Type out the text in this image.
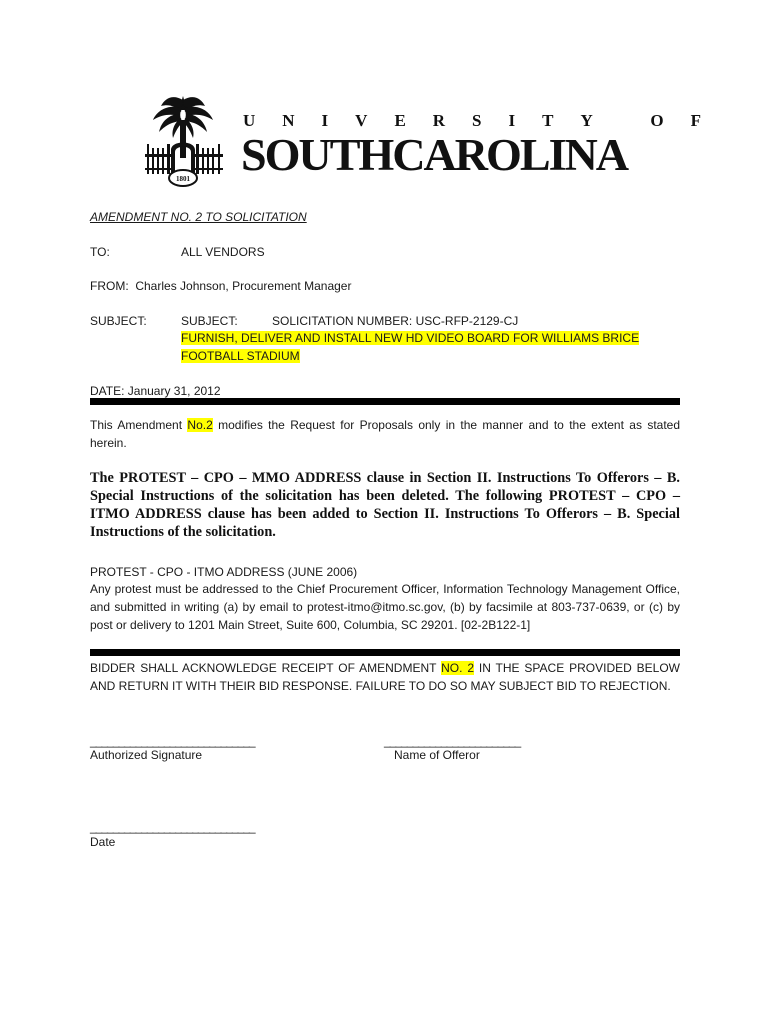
UNIVERSITY OF
SOUTHCAROLINA
1801
AMENDMENT NO. 2 TO SOLICITATION
TO:	ALL VENDORS
FROM: Charles Johnson, Procurement Manager
SUBJECT:	SUBJECT:	SOLICITATION NUMBER: USC-RFP-2129-CJ
FURNISH, DELIVER AND INSTALL NEW HD VIDEO BOARD FOR WILLIAMS BRICE
FOOTBALL STADIUM
DATE: January 31, 2012
This Amendment No.2 modifies the Request for Proposals only in the manner and to the extent as stated herein.
The PROTEST – CPO – MMO ADDRESS clause in Section II. Instructions To Offerors – B. Special Instructions of the solicitation has been deleted. The following PROTEST – CPO – ITMO ADDRESS clause has been added to Section II. Instructions To Offerors – B. Special Instructions of the solicitation.
PROTEST - CPO - ITMO ADDRESS (JUNE 2006)
Any protest must be addressed to the Chief Procurement Officer, Information Technology Management Office, and submitted in writing (a) by email to protest-itmo@itmo.sc.gov, (b) by facsimile at 803-737-0639, or (c) by post or delivery to 1201 Main Street, Suite 600, Columbia, SC 29201. [02-2B122-1]
BIDDER SHALL ACKNOWLEDGE RECEIPT OF AMENDMENT NO. 2 IN THE SPACE PROVIDED BELOW AND RETURN IT WITH THEIR BID RESPONSE. FAILURE TO DO SO MAY SUBJECT BID TO REJECTION.
_____________________________
Authorized Signature
________________________
Name of Offeror
_____________________________
Date
